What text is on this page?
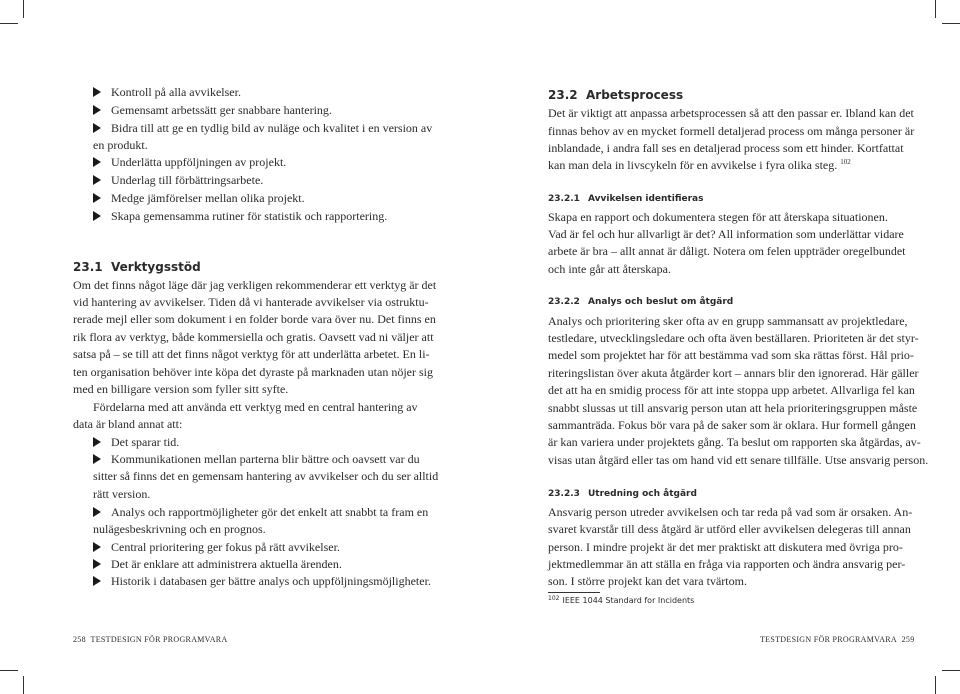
Kontroll på alla avvikelser.
Gemensamt arbetssätt ger snabbare hantering.
Bidra till att ge en tydlig bild av nuläge och kvalitet i en version av
en produkt.
Underlätta uppföljningen av projekt.
Underlag till förbättringsarbete.
Medge jämförelser mellan olika projekt.
Skapa gemensamma rutiner för statistik och rapportering.
23.1 Verktygsstöd
Om det finns något läge där jag verkligen rekommenderar ett verktyg är det
vid hantering av avvikelser. Tiden då vi hanterade avvikelser via ostruktu-
rerade mejl eller som dokument i en folder borde vara över nu. Det finns en
rik flora av verktyg, både kommersiella och gratis. Oavsett vad ni väljer att
satsa på – se till att det finns något verktyg för att underlätta arbetet. En li-
ten organisation behöver inte köpa det dyraste på marknaden utan nöjer sig
med en billigare version som fyller sitt syfte.
Fördelarna med att använda ett verktyg med en central hantering av
data är bland annat att:
Det sparar tid.
Kommunikationen mellan parterna blir bättre och oavsett var du
sitter så finns det en gemensam hantering av avvikelser och du ser alltid
rätt version.
Analys och rapportmöjligheter gör det enkelt att snabbt ta fram en
nulägesbeskrivning och en prognos.
Central prioritering ger fokus på rätt avvikelser.
Det är enklare att administrera aktuella ärenden.
Historik i databasen ger bättre analys och uppföljningsmöjligheter.
258 TESTDESIGN FÖR PROGRAMVARA
23.2 Arbetsprocess
Det är viktigt att anpassa arbetsprocessen så att den passar er. Ibland kan det
finnas behov av en mycket formell detaljerad process om många personer är
inblandade, i andra fall ses en detaljerad process som ett hinder. Kortfattat
kan man dela in livscykeln för en avvikelse i fyra olika steg. $^{102}$
23.2.1 Avvikelsen identifieras
Skapa en rapport och dokumentera stegen för att återskapa situationen.
Vad är fel och hur allvarligt är det? All information som underlättar vidare
arbete är bra – allt annat är dåligt. Notera om felen uppträder oregelbundet
och inte går att återskapa.
23.2.2 Analys och beslut om åtgärd
Analys och prioritering sker ofta av en grupp sammansatt av projektledare,
testledare, utvecklingsledare och ofta även beställaren. Prioriteten är det styr-
medel som projektet har för att bestämma vad som ska rättas först. Hål prio-
riteringslistan över akuta åtgärder kort – annars blir den ignorerad. Här gäller
det att ha en smidig process för att inte stoppa upp arbetet. Allvarliga fel kan
snabbt slussas ut till ansvarig person utan att hela prioriteringsgruppen måste
sammanträda. Fokus bör vara på de saker som är oklara. Hur formell gången
är kan variera under projektets gång. Ta beslut om rapporten ska åtgärdas, av-
visas utan åtgärd eller tas om hand vid ett senare tillfälle. Utse ansvarig person.
23.2.3 Utredning och åtgärd
Ansvarig person utreder avvikelsen och tar reda på vad som är orsaken. An-
svaret kvarstår till dess åtgärd är utförd eller avvikelsen delegeras till annan
person. I mindre projekt är det mer praktiskt att diskutera med övriga pro-
jektmedlemmar än att ställa en fråga via rapporten och ändra ansvarig per-
son. I större projekt kan det vara tvärtom.
$^{102}$ IEEE 1044 Standard for Incidents
TESTDESIGN FÖR PROGRAMVARA 259
